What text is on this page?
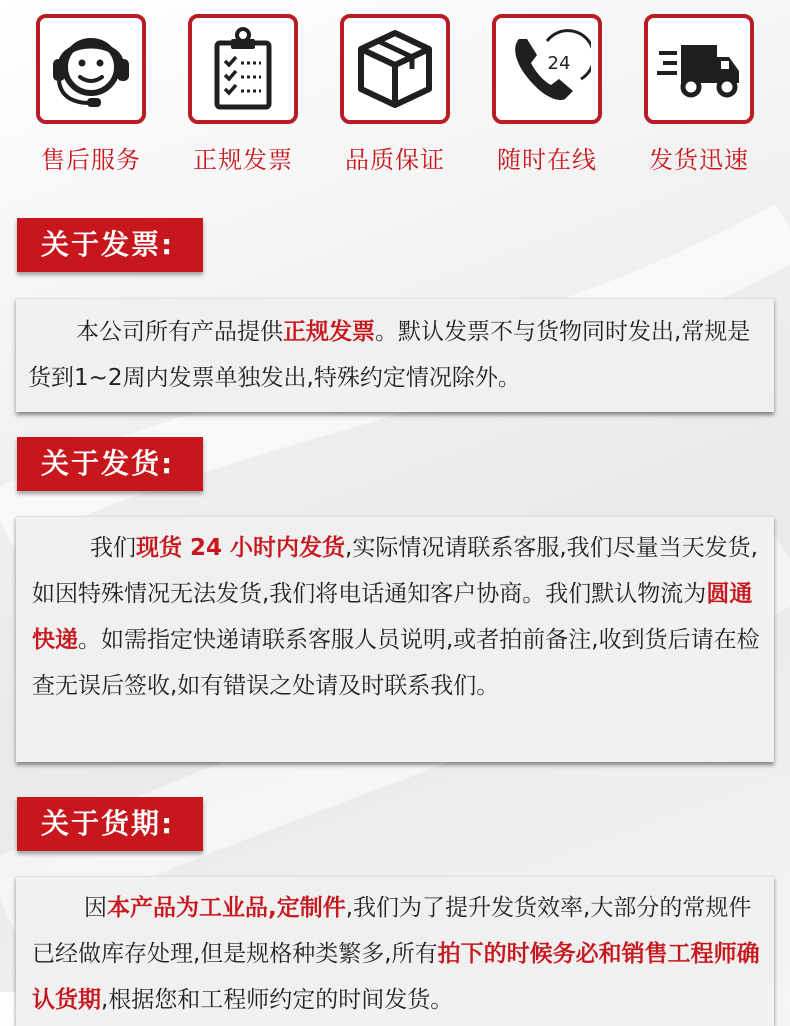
售后服务	正规发票	品质保证
24
随时在线	发货迅速
关于发票:
本公司所有产品提供正规发票。默认发票不与货物同时发出,常规是货到1~2周内发票单独发出,特殊约定情况除外。
关于发货:
我们现货 24 小时内发货,实际情况请联系客服,我们尽量当天发货,如因特殊情况无法发货,我们将电话通知客户协商。我们默认物流为圆通快递。如需指定快递请联系客服人员说明,或者拍前备注,收到货后请在检查无误后签收,如有错误之处请及时联系我们。
关于货期:
因本产品为工业品,定制件,我们为了提升发货效率,大部分的常规件已经做库存处理,但是规格种类繁多,所有拍下的时候务必和销售工程师确认货期,根据您和工程师约定的时间发货。
